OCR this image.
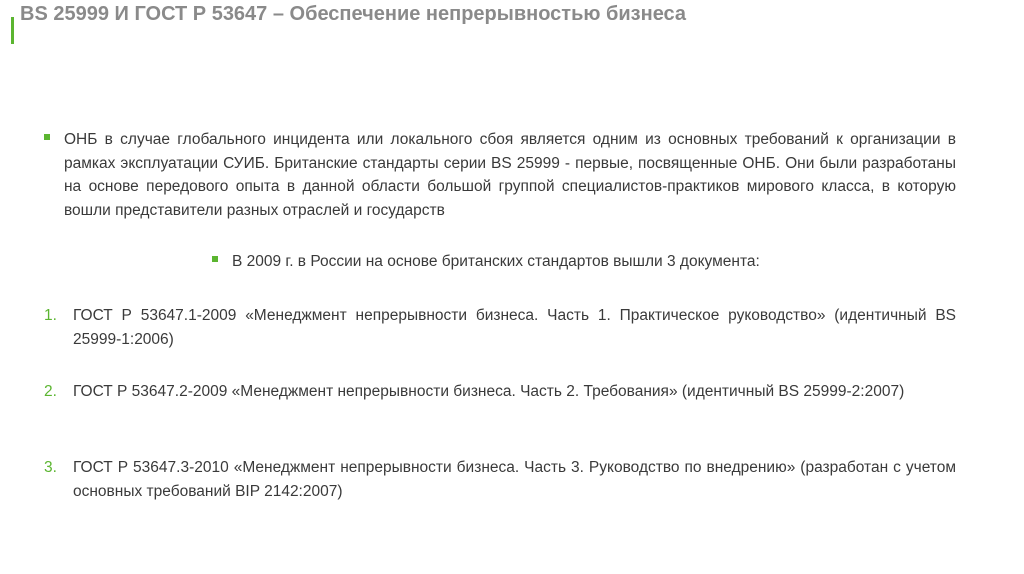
BS 25999 И ГОСТ Р 53647 – Обеспечение непрерывностью бизнеса
ОНБ в случае глобального инцидента или локального сбоя является одним из основных требований к организации в рамках эксплуатации СУИБ. Британские стандарты серии BS 25999 - первые, посвященные ОНБ. Они были разработаны на основе передового опыта в данной области большой группой специалистов-практиков мирового класса, в которую вошли представители разных отраслей и государств
В 2009 г. в России на основе британских стандартов вышли 3 документа:
1.	ГОСТ Р 53647.1-2009 «Менеджмент непрерывности бизнеса. Часть 1. Практическое руководство» (идентичный BS 25999-1:2006)
2.	ГОСТ Р 53647.2-2009 «Менеджмент непрерывности бизнеса. Часть 2. Требования» (идентичный BS 25999-2:2007)
3.	ГОСТ Р 53647.3-2010 «Менеджмент непрерывности бизнеса. Часть 3. Руководство по внедрению» (разработан с учетом основных требований BIP 2142:2007)
